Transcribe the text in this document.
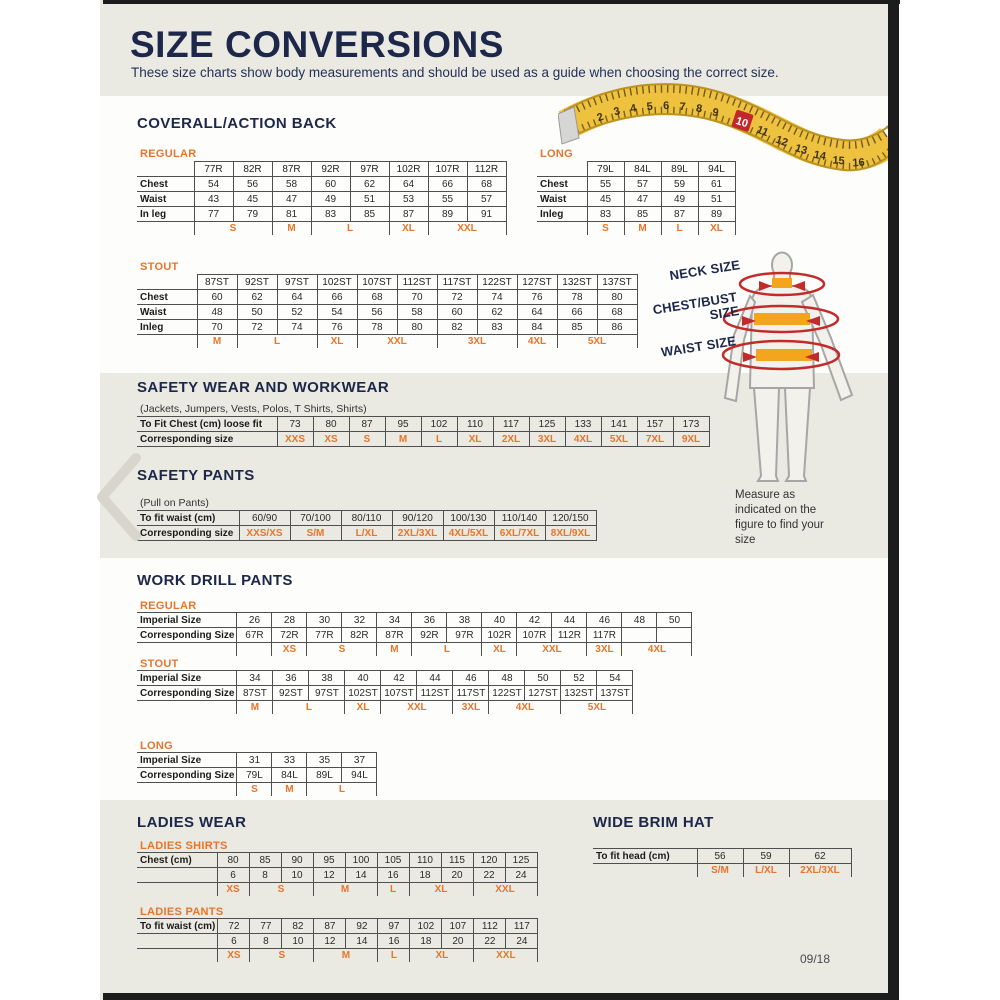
SIZE CONVERSIONS
These size charts show body measurements and should be used as a guide when choosing the correct size.
2 3 4 5 6 7 8 9
10
11
12
13 14 15 16
COVERALL/ACTION BACK
REGULAR
	77R	82R	87R	92R	97R	102R	107R	112R
Chest	54	56	58	60	62	64	66	68
Waist	43	45	47	49	51	53	55	57
In leg	77	79	81	83	85	87	89	91
	S		M	L		XL	XXL	
LONG
	79L	84L	89L	94L
Chest	55	57	59	61
Waist	45	47	49	51
Inleg	83	85	87	89
	S	M	L	XL
STOUT
	87ST	92ST	97ST	102ST	107ST	112ST	117ST	122ST	127ST	132ST	137ST
Chest	60	62	64	66	68	70	72	74	76	78	80
Waist	48	50	52	54	56	58	60	62	64	66	68
Inleg	70	72	74	76	78	80	82	83	84	85	86
	M	L		XL	XXL		3XL		4XL	5XL	
SAFETY WEAR AND WORKWEAR
(Jackets, Jumpers, Vests, Polos, T Shirts, Shirts)
To Fit Chest (cm) loose fit	73	80	87	95	102	110	117	125	133	141	157	173
Corresponding size	XXS	XS	S	M	L	XL	2XL	3XL	4XL	5XL	7XL	9XL
SAFETY PANTS
(Pull on Pants)
To fit waist (cm)	60/90	70/100	80/110	90/120	100/130	110/140	120/150
Corresponding size	XXS/XS	S/M	L/XL	2XL/3XL	4XL/5XL	6XL/7XL	8XL/9XL
WORK DRILL PANTS
REGULAR
Imperial Size	26	28	30	32	34	36	38	40	42	44	46	48	50
Corresponding Size	67R	72R	77R	82R	87R	92R	97R	102R	107R	112R	117R		
		XS	S		M	L		XL	XXL		3XL	4XL	
STOUT
Imperial Size	34	36	38	40	42	44	46	48	50	52	54
Corresponding Size	87ST	92ST	97ST	102ST	107ST	112ST	117ST	122ST	127ST	132ST	137ST
	M	L		XL	XXL		3XL	4XL		5XL	
LONG
Imperial Size	31	33	35	37
Corresponding Size	79L	84L	89L	94L
	S	M	L	
LADIES WEAR
LADIES SHIRTS
Chest (cm)	80	85	90	95	100	105	110	115	120	125
	6	8	10	12	14	16	18	20	22	24
	XS	S		M		L	XL		XXL	
LADIES PANTS
To fit waist (cm)	72	77	82	87	92	97	102	107	112	117
	6	8	10	12	14	16	18	20	22	24
	XS	S		M		L	XL		XXL	
WIDE BRIM HAT
To fit head (cm)	56	59	62
	S/M	L/XL	2XL/3XL
NECK SIZE
CHEST/BUST SIZE
WAIST SIZE
Measure as indicated on the figure to find your size
09/18
